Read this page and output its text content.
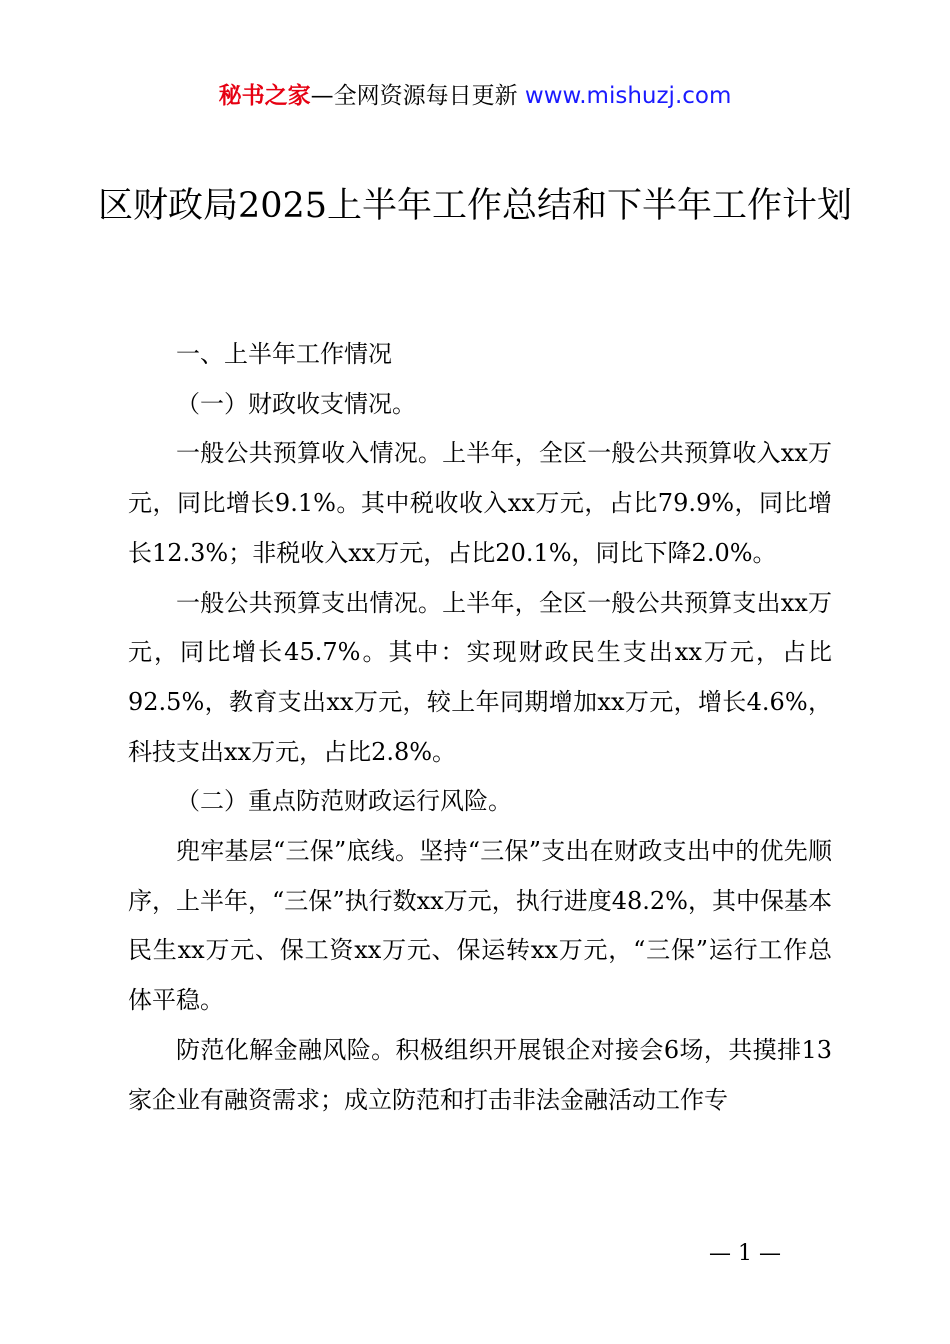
秘书之家—全网资源每日更新 www.mishuzj.com
区财政局2025上半年工作总结和下半年工作计划

一、上半年工作情况

（一）财政收支情况。

一般公共预算收入情况。上半年，全区一般公共预算收入xx万元，同比增长9.1%。其中税收收入xx万元，占比79.9%，同比增长12.3%；非税收入xx万元，占比20.1%，同比下降2.0%。

一般公共预算支出情况。上半年，全区一般公共预算支出xx万元，同比增长45.7%。其中：实现财政民生支出xx万元，占比92.5%，教育支出xx万元，较上年同期增加xx万元，增长4.6%，科技支出xx万元，占比2.8%。

（二）重点防范财政运行风险。

兜牢基层“三保”底线。坚持“三保”支出在财政支出中的优先顺序，上半年，“三保”执行数xx万元，执行进度48.2%，其中保基本民生xx万元、保工资xx万元、保运转xx万元，“三保”运行工作总体平稳。

防范化解金融风险。积极组织开展银企对接会6场，共摸排13家企业有融资需求；成立防范和打击非法金融活动工作专

— 1 —
